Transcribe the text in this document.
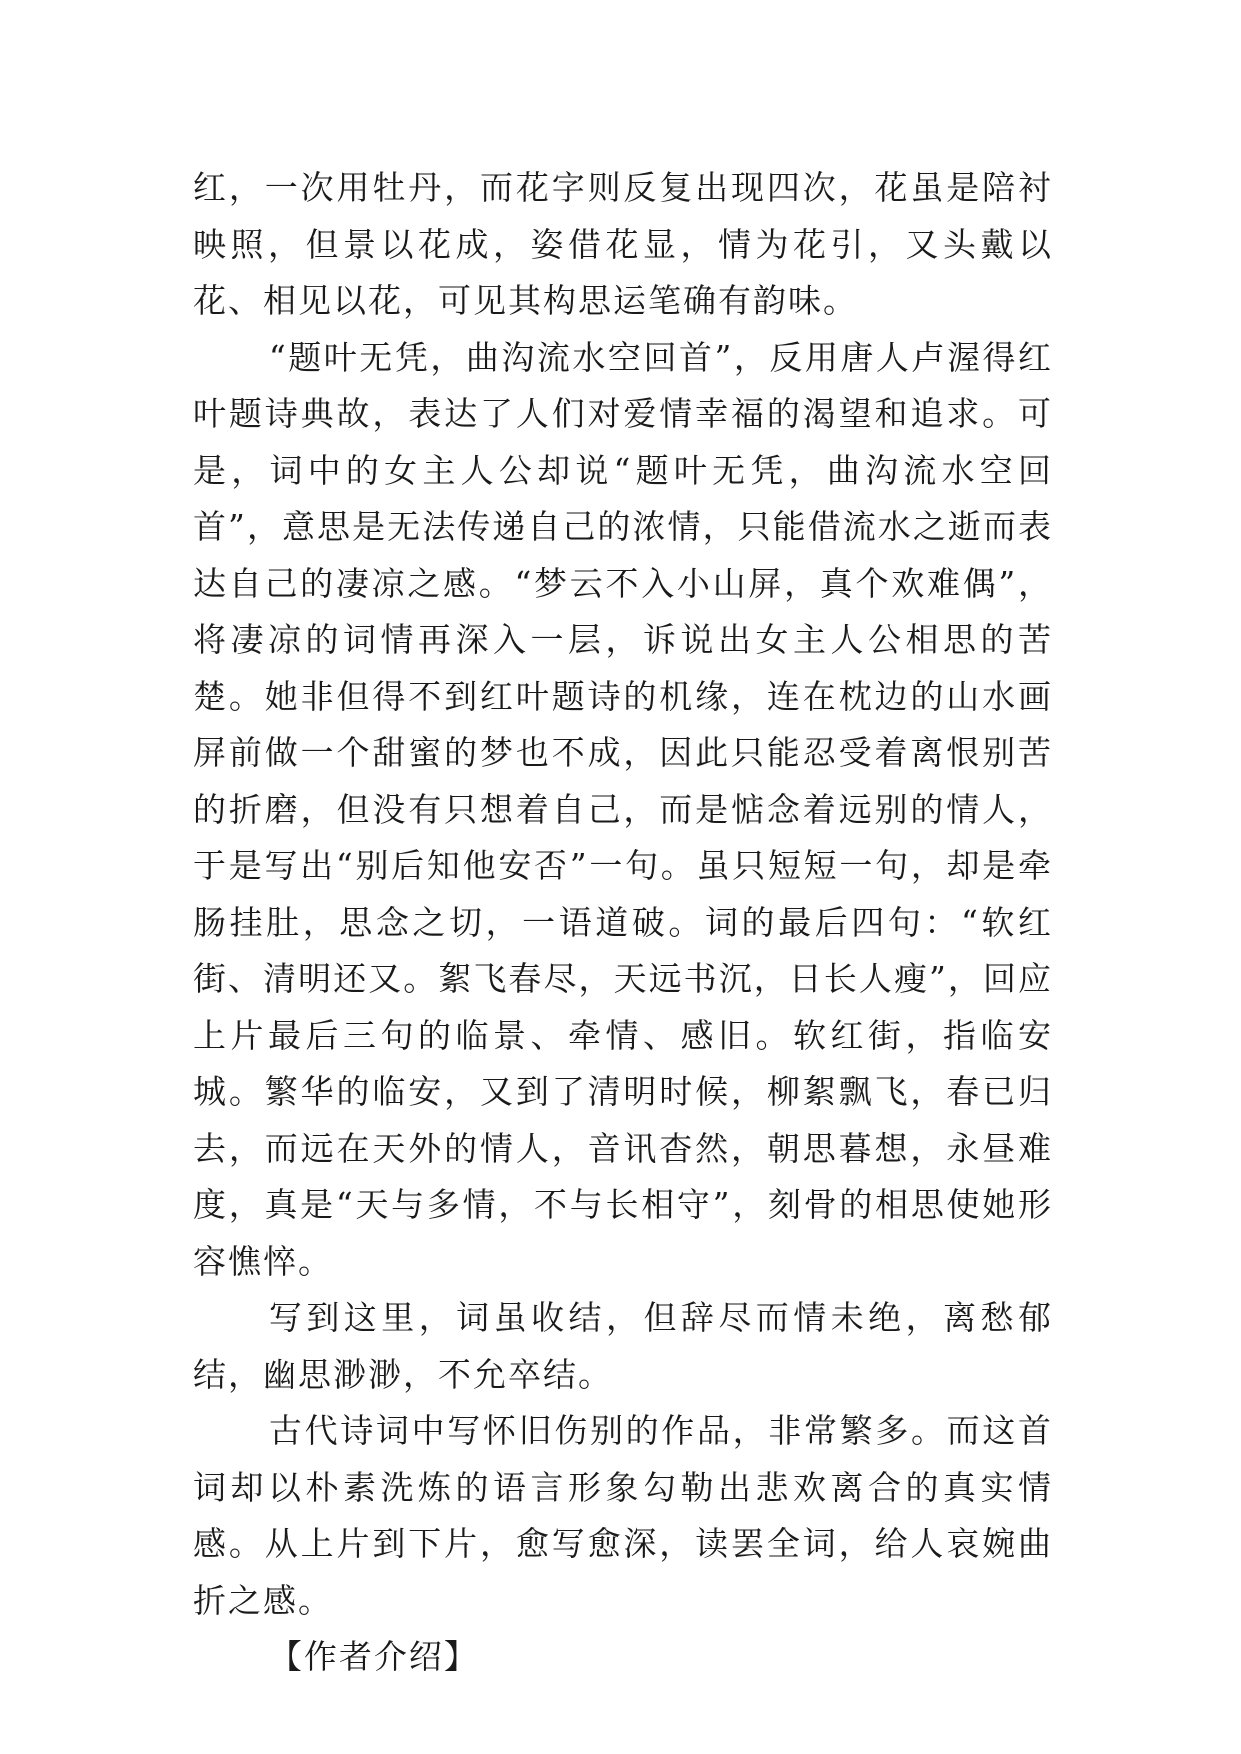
红，一次用牡丹，而花字则反复出现四次，花虽是陪衬映照，但景以花成，姿借花显，情为花引，又头戴以花、相见以花，可见其构思运笔确有韵味。

“题叶无凭，曲沟流水空回首”，反用唐人卢渥得红叶题诗典故，表达了人们对爱情幸福的渴望和追求。可是，词中的女主人公却说“题叶无凭，曲沟流水空回首”，意思是无法传递自己的浓情，只能借流水之逝而表达自己的凄凉之感。“梦云不入小山屏，真个欢难偶”，将凄凉的词情再深入一层，诉说出女主人公相思的苦楚。她非但得不到红叶题诗的机缘，连在枕边的山水画屏前做一个甜蜜的梦也不成，因此只能忍受着离恨别苦的折磨，但没有只想着自己，而是惦念着远别的情人，于是写出“别后知他安否”一句。虽只短短一句，却是牵肠挂肚，思念之切，一语道破。词的最后四句：“软红街、清明还又。絮飞春尽，天远书沉，日长人瘦”，回应上片最后三句的临景、牵情、感旧。软红街，指临安城。繁华的临安，又到了清明时候，柳絮飘飞，春已归去，而远在天外的情人，音讯杳然，朝思暮想，永昼难度，真是“天与多情，不与长相守”，刻骨的相思使她形容憔悴。

写到这里，词虽收结，但辞尽而情未绝，离愁郁结，幽思渺渺，不允卒结。

古代诗词中写怀旧伤别的作品，非常繁多。而这首词却以朴素洗炼的语言形象勾勒出悲欢离合的真实情感。从上片到下片，愈写愈深，读罢全词，给人哀婉曲折之感。

【作者介绍】
